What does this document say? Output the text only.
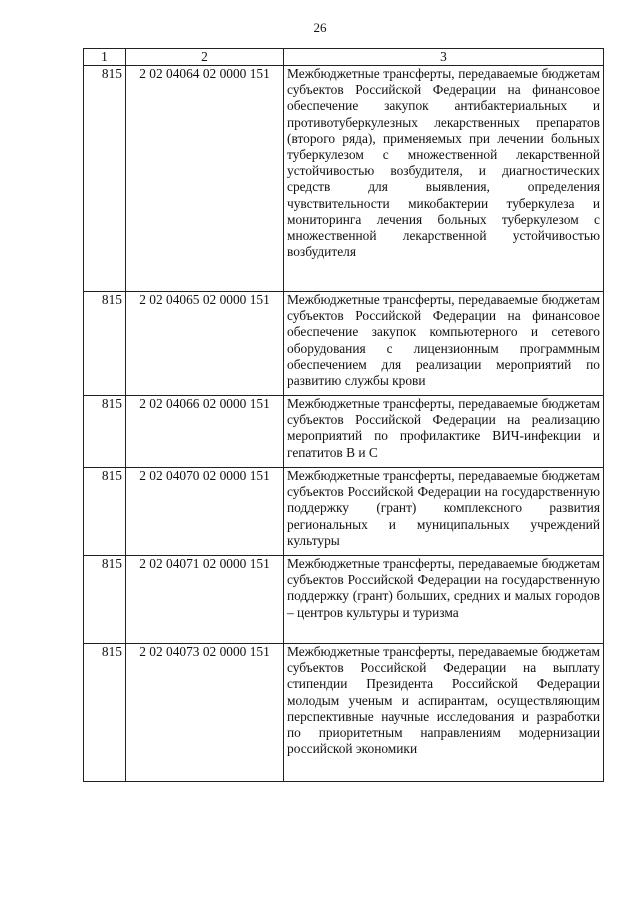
26
1	2	3
815	2 02 04064 02 0000 151	Межбюджетные трансферты, передаваемые бюджетам субъектов Российской Федерации на финансовое обеспечение закупок антибактериальных и противотуберкулезных лекарственных препаратов (второго ряда), применяемых при лечении больных туберкулезом с множественной лекарственной устойчивостью возбудителя, и диагностических средств для выявления, определения чувствительности микобактерии туберкулеза и мониторинга лечения больных туберкулезом с множественной лекарственной устойчивостью возбудителя
815	2 02 04065 02 0000 151	Межбюджетные трансферты, передаваемые бюджетам субъектов Российской Федерации на финансовое обеспечение закупок компьютерного и сетевого оборудования с лицензионным программным обеспечением для реализации мероприятий по развитию службы крови
815	2 02 04066 02 0000 151	Межбюджетные трансферты, передаваемые бюджетам субъектов Российской Федерации на реализацию мероприятий по профилактике ВИЧ-инфекции и гепатитов В и С
815	2 02 04070 02 0000 151	Межбюджетные трансферты, передаваемые бюджетам субъектов Российской Федерации на государственную поддержку (грант) комплексного развития региональных и муниципальных учреждений культуры
815	2 02 04071 02 0000 151	Межбюджетные трансферты, передаваемые бюджетам субъектов Российской Федерации на государственную поддержку (грант) больших, средних и малых городов – центров культуры и туризма
815	2 02 04073 02 0000 151	Межбюджетные трансферты, передаваемые бюджетам субъектов Российской Федерации на выплату стипендии Президента Российской Федерации молодым ученым и аспирантам, осуществляющим перспективные научные исследования и разработки по приоритетным направлениям модернизации российской экономики
